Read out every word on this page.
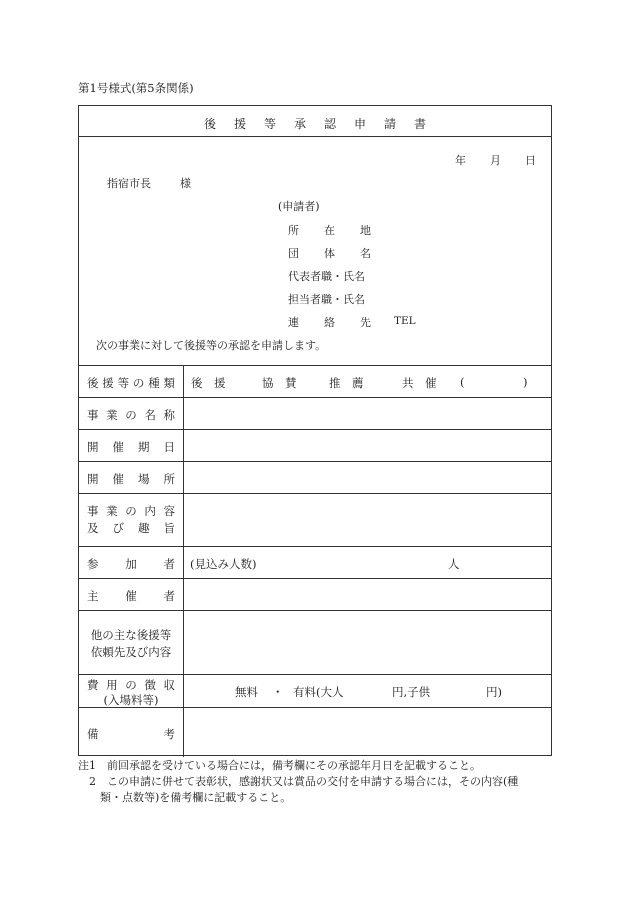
第1号様式(第5条関係)
後 援 等 承 認 申 請 書
年 月 日
指宿市長	様
(申請者)
所 在 地
団 体 名
代表者職・氏名
担当者職・氏名
連 絡 先 TEL
次の事業に対して後援等の承認を申請します。
後 援 等 の 種 類 後　援	協　賛	推　薦	共　催 (	)
事 業 の 名 称
開 催 期 日
開 催 場 所
事 業 の 内 容
及 び 趣 旨
参 加 者 (見込み人数)	人
主 催 者
他の主な後援等
依頼先及び内容
費 用 の 徴 収
(入場料等)
無料 ・ 有料(大人	円,子供	円)
備	考
注1　前回承認を受けている場合には，備考欄にその承認年月日を記載すること。
　2　この申請に併せて表彰状，感謝状又は賞品の交付を申請する場合には，その内容(種
　　類・点数等)を備考欄に記載すること。
